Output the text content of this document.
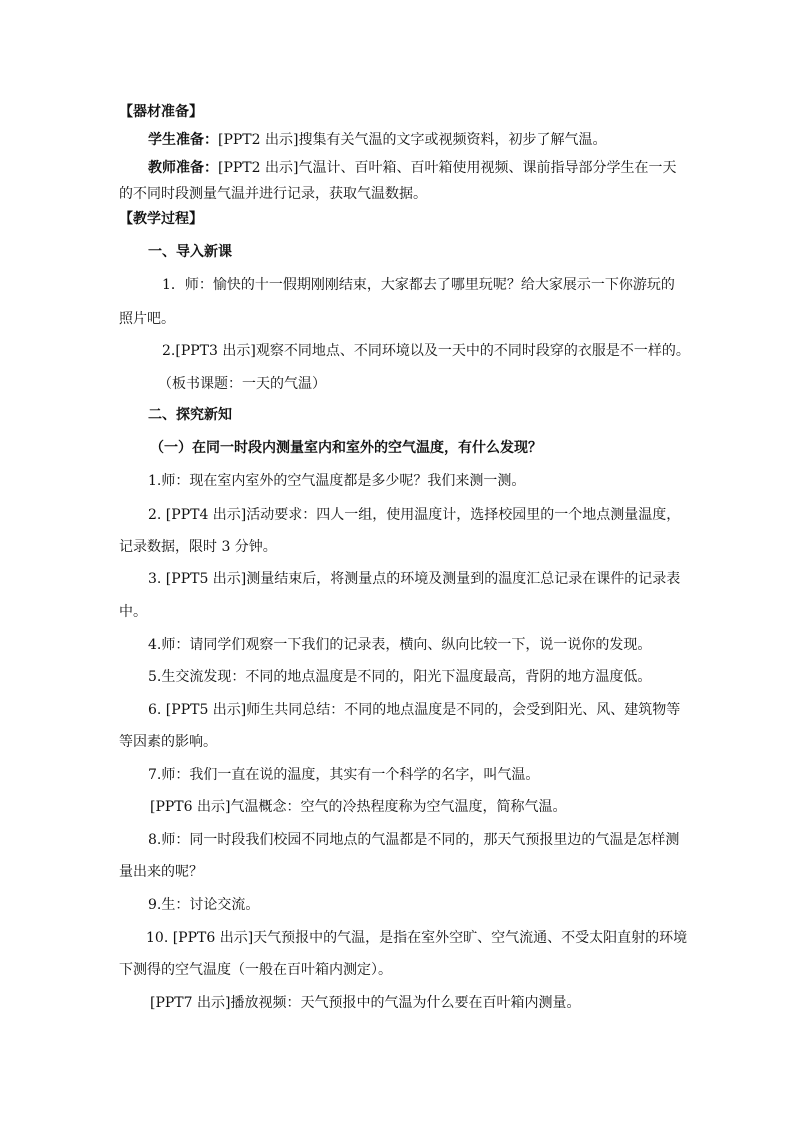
【器材准备】
学生准备：[PPT2 出示]搜集有关气温的文字或视频资料，初步了解气温。
教师准备：[PPT2 出示]气温计、百叶箱、百叶箱使用视频、课前指导部分学生在一天
的不同时段测量气温并进行记录，获取气温数据。
【教学过程】
一、导入新课
1．师：愉快的十一假期刚刚结束，大家都去了哪里玩呢？给大家展示一下你游玩的
照片吧。
2.[PPT3 出示]观察不同地点、不同环境以及一天中的不同时段穿的衣服是不一样的。
（板书课题：一天的气温）
二、探究新知
（一）在同一时段内测量室内和室外的空气温度，有什么发现？
1.师：现在室内室外的空气温度都是多少呢？我们来测一测。
2. [PPT4 出示]活动要求：四人一组，使用温度计，选择校园里的一个地点测量温度，
记录数据，限时 3 分钟。
3. [PPT5 出示]测量结束后，将测量点的环境及测量到的温度汇总记录在课件的记录表
中。
4.师：请同学们观察一下我们的记录表，横向、纵向比较一下，说一说你的发现。
5.生交流发现：不同的地点温度是不同的，阳光下温度最高，背阴的地方温度低。
6. [PPT5 出示]师生共同总结：不同的地点温度是不同的，会受到阳光、风、建筑物等
等因素的影响。
7.师：我们一直在说的温度，其实有一个科学的名字，叫气温。
[PPT6 出示]气温概念：空气的冷热程度称为空气温度，简称气温。
8.师：同一时段我们校园不同地点的气温都是不同的，那天气预报里边的气温是怎样测
量出来的呢？
9.生：讨论交流。
10. [PPT6 出示]天气预报中的气温，是指在室外空旷、空气流通、不受太阳直射的环境
下测得的空气温度（一般在百叶箱内测定）。
[PPT7 出示]播放视频：天气预报中的气温为什么要在百叶箱内测量。
